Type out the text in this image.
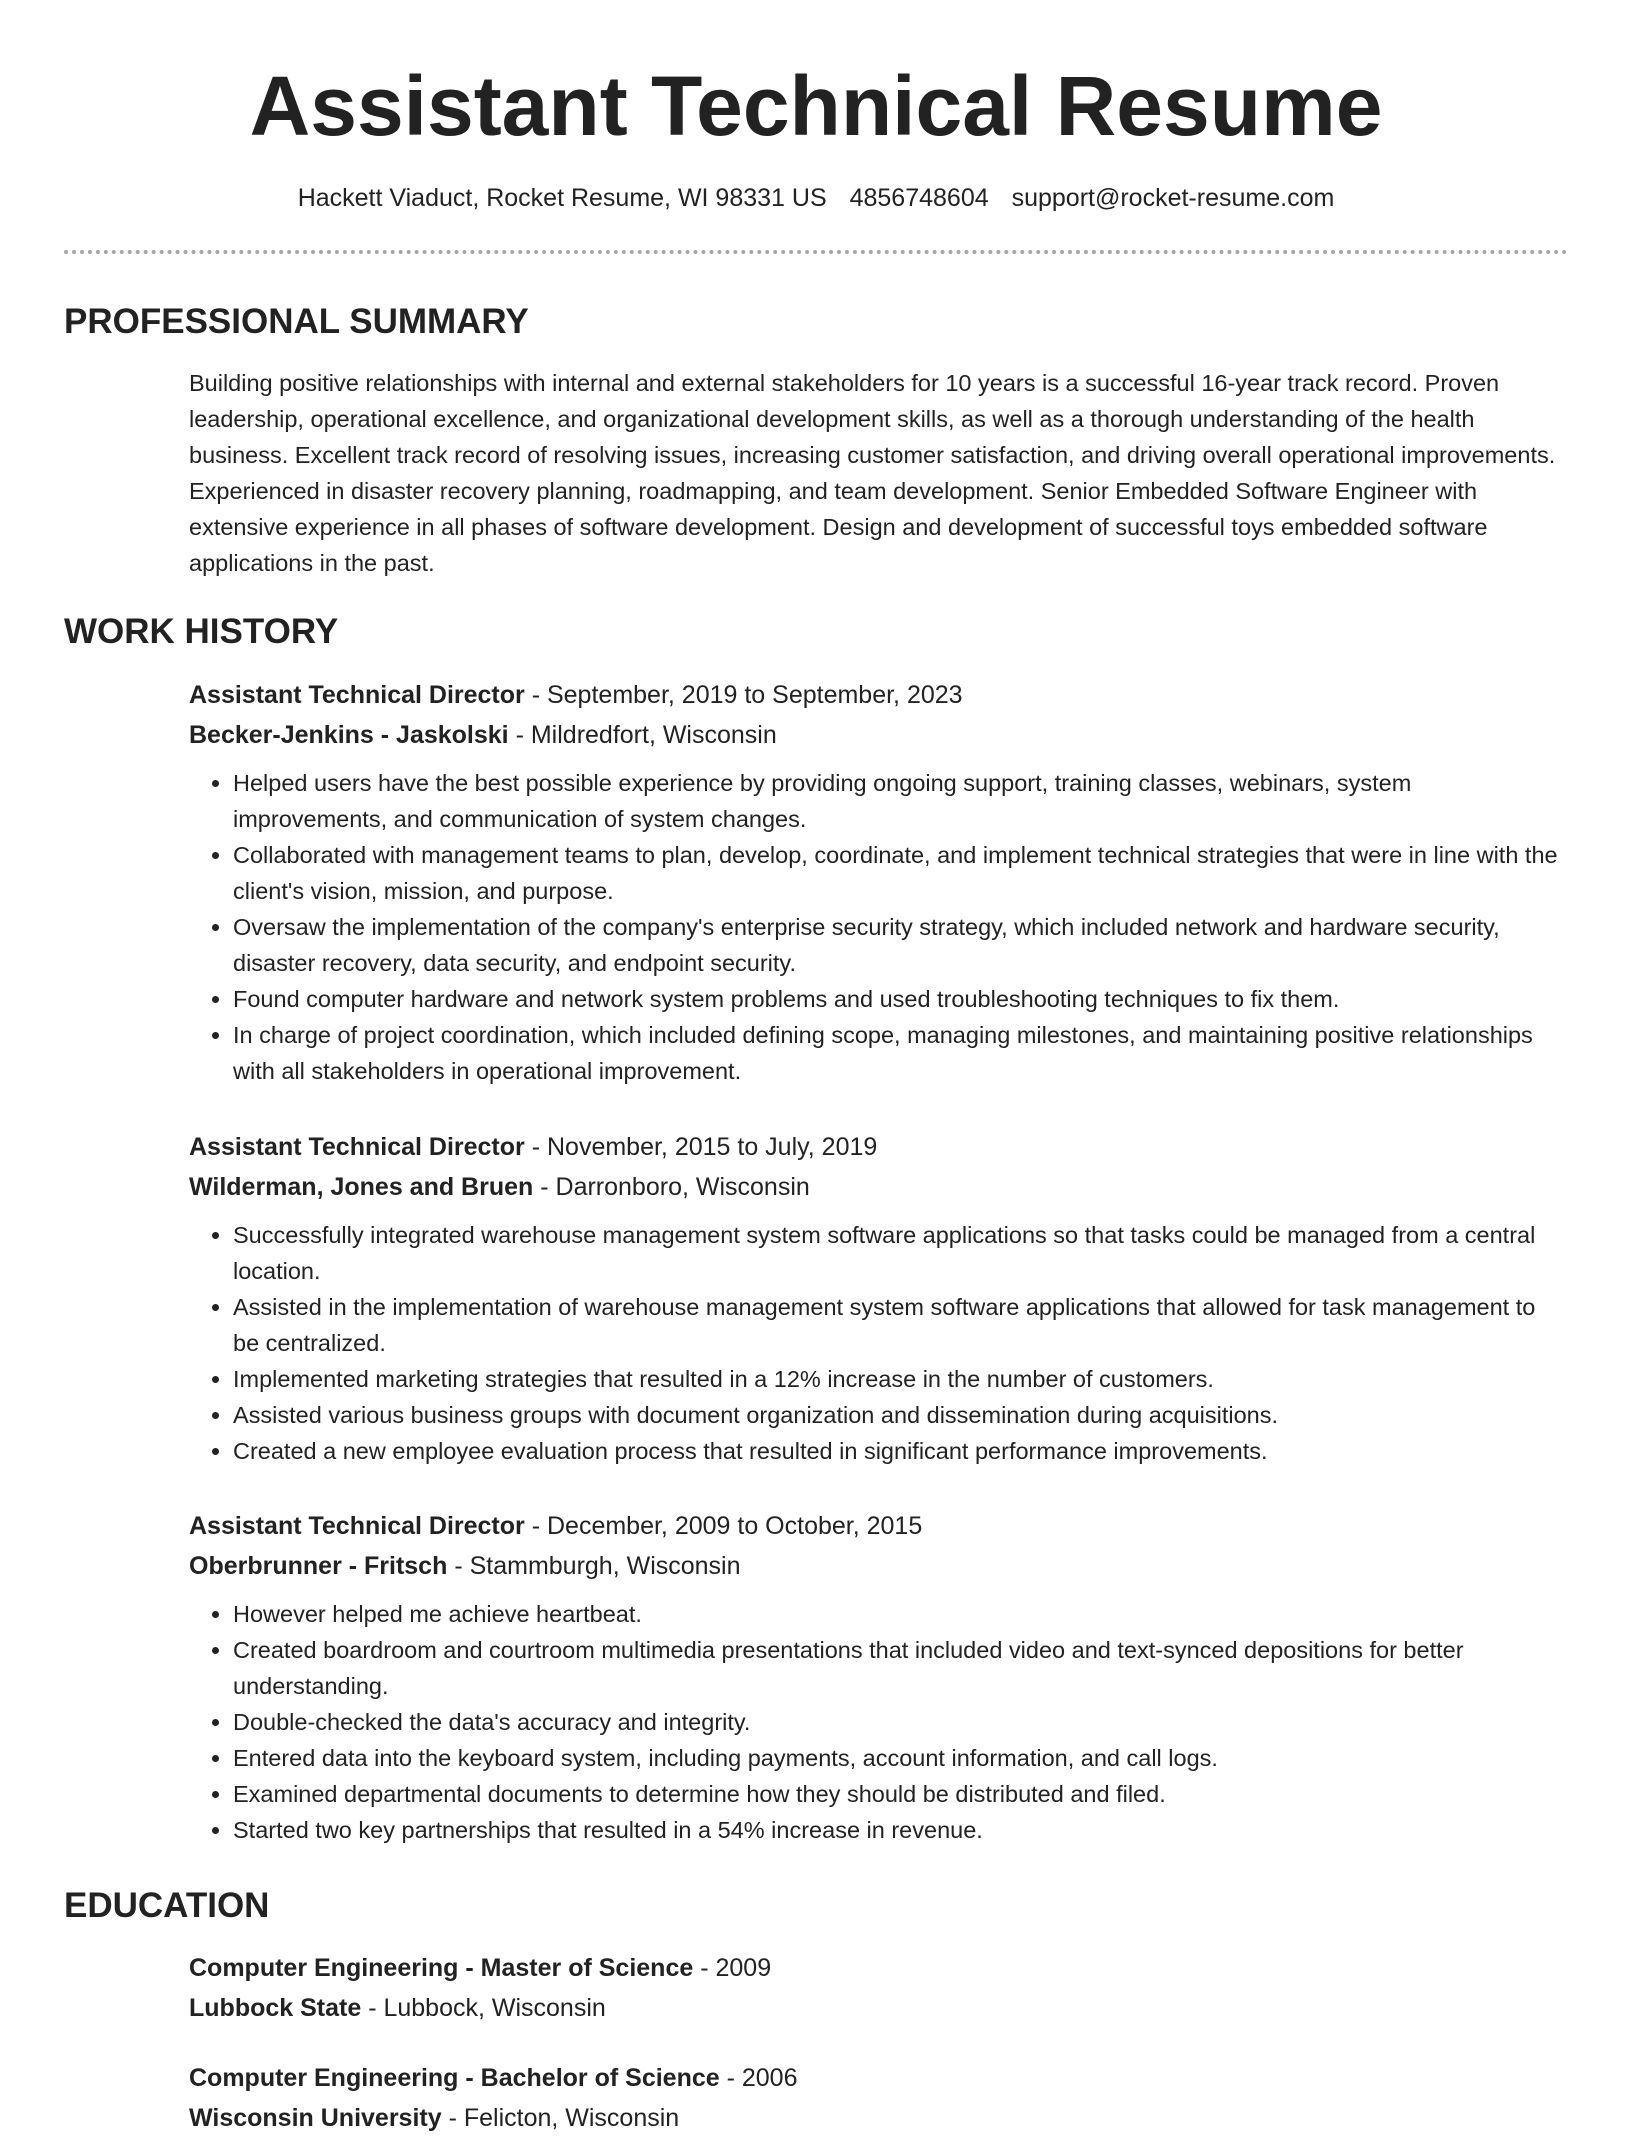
Assistant Technical Resume
Hackett Viaduct, Rocket Resume, WI 98331 US 4856748604 support@rocket-resume.com
PROFESSIONAL SUMMARY

Building positive relationships with internal and external stakeholders for 10 years is a successful 16-year track record. Proven leadership, operational excellence, and organizational development skills, as well as a thorough understanding of the health business. Excellent track record of resolving issues, increasing customer satisfaction, and driving overall operational improvements. Experienced in disaster recovery planning, roadmapping, and team development. Senior Embedded Software Engineer with extensive experience in all phases of software development. Design and development of successful toys embedded software applications in the past.

WORK HISTORY
Assistant Technical Director - September, 2019 to September, 2023
Becker-Jenkins - Jaskolski - Mildredfort, Wisconsin
• Helped users have the best possible experience by providing ongoing support, training classes, webinars, system improvements, and communication of system changes.
• Collaborated with management teams to plan, develop, coordinate, and implement technical strategies that were in line with the client's vision, mission, and purpose.
• Oversaw the implementation of the company's enterprise security strategy, which included network and hardware security, disaster recovery, data security, and endpoint security.
• Found computer hardware and network system problems and used troubleshooting techniques to fix them.
• In charge of project coordination, which included defining scope, managing milestones, and maintaining positive relationships with all stakeholders in operational improvement.
Assistant Technical Director - November, 2015 to July, 2019
Wilderman, Jones and Bruen - Darronboro, Wisconsin
• Successfully integrated warehouse management system software applications so that tasks could be managed from a central location.
• Assisted in the implementation of warehouse management system software applications that allowed for task management to be centralized.
• Implemented marketing strategies that resulted in a 12% increase in the number of customers.
• Assisted various business groups with document organization and dissemination during acquisitions.
• Created a new employee evaluation process that resulted in significant performance improvements.
Assistant Technical Director - December, 2009 to October, 2015
Oberbrunner - Fritsch - Stammburgh, Wisconsin
• However helped me achieve heartbeat.
• Created boardroom and courtroom multimedia presentations that included video and text-synced depositions for better understanding.
• Double-checked the data's accuracy and integrity.
• Entered data into the keyboard system, including payments, account information, and call logs.
• Examined departmental documents to determine how they should be distributed and filed.
• Started two key partnerships that resulted in a 54% increase in revenue.
EDUCATION
Computer Engineering - Master of Science - 2009
Lubbock State - Lubbock, Wisconsin
Computer Engineering - Bachelor of Science - 2006
Wisconsin University - Felicton, Wisconsin
